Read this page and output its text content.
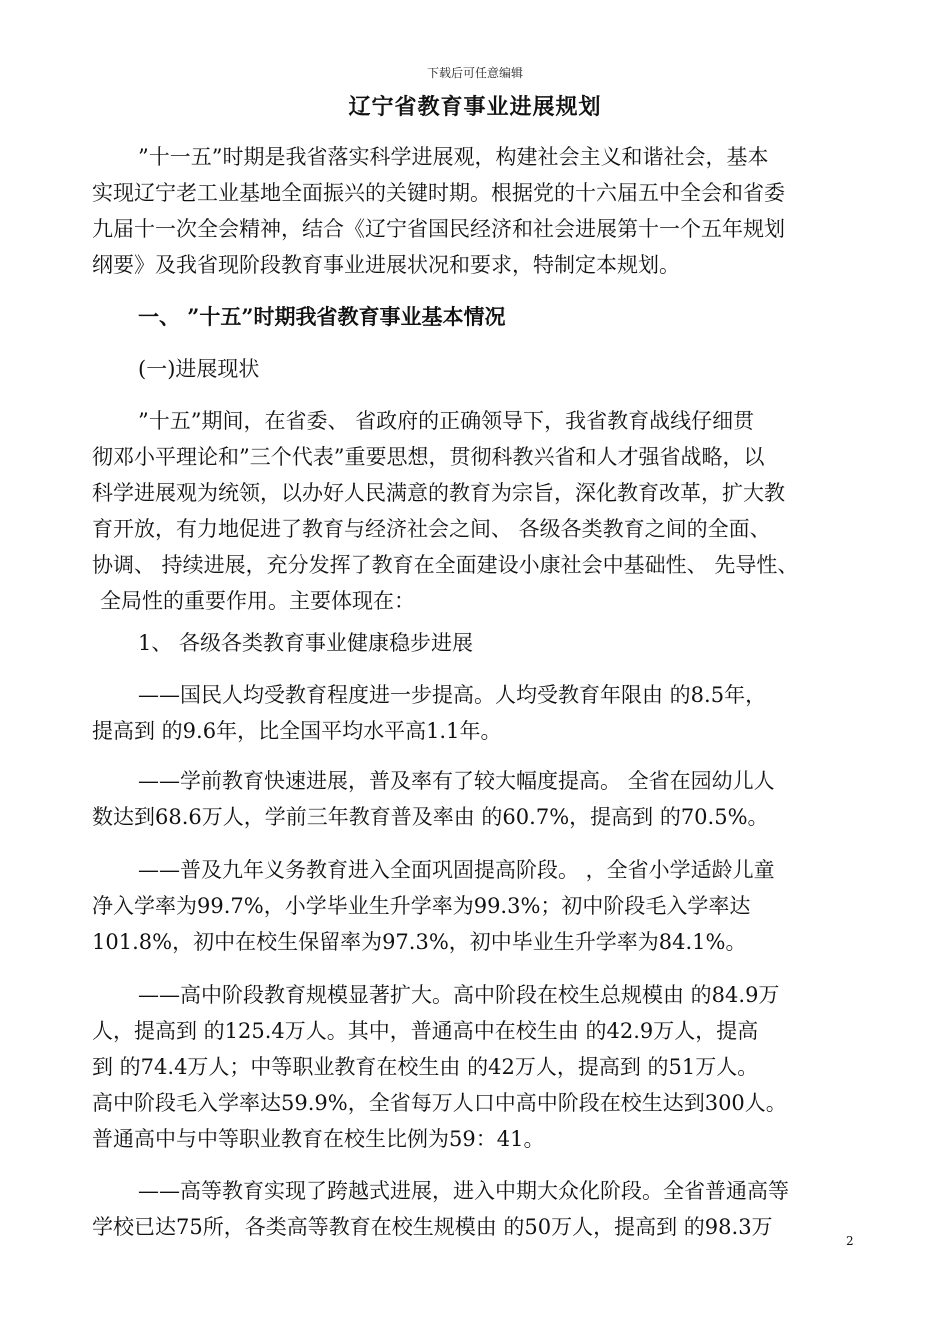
下载后可任意编辑
辽宁省教育事业进展规划
”十一五”时期是我省落实科学进展观，构建社会主义和谐社会，基本
实现辽宁老工业基地全面振兴的关键时期。根据党的十六届五中全会和省委
九届十一次全会精神，结合《辽宁省国民经济和社会进展第十一个五年规划
纲要》及我省现阶段教育事业进展状况和要求，特制定本规划。
一、 ”十五”时期我省教育事业基本情况
(一)进展现状
”十五”期间，在省委、 省政府的正确领导下，我省教育战线仔细贯
彻邓小平理论和”三个代表”重要思想，贯彻科教兴省和人才强省战略，以
科学进展观为统领，以办好人民满意的教育为宗旨，深化教育改革，扩大教
育开放，有力地促进了教育与经济社会之间、 各级各类教育之间的全面、
协调、 持续进展，充分发挥了教育在全面建设小康社会中基础性、 先导性、
全局性的重要作用。主要体现在：
1、 各级各类教育事业健康稳步进展
——国民人均受教育程度进一步提高。人均受教育年限由 的8.5年，
提高到 的9.6年，比全国平均水平高1.1年。
——学前教育快速进展，普及率有了较大幅度提高。 全省在园幼儿人
数达到68.6万人，学前三年教育普及率由 的60.7%，提高到 的70.5%。
——普及九年义务教育进入全面巩固提高阶段。 ，全省小学适龄儿童
净入学率为99.7%，小学毕业生升学率为99.3%；初中阶段毛入学率达
101.8%，初中在校生保留率为97.3%，初中毕业生升学率为84.1%。
——高中阶段教育规模显著扩大。高中阶段在校生总规模由 的84.9万
人，提高到 的125.4万人。其中，普通高中在校生由 的42.9万人，提高
到 的74.4万人；中等职业教育在校生由 的42万人，提高到 的51万人。
高中阶段毛入学率达59.9%，全省每万人口中高中阶段在校生达到300人。
普通高中与中等职业教育在校生比例为59：41。
——高等教育实现了跨越式进展，进入中期大众化阶段。全省普通高等
学校已达75所，各类高等教育在校生规模由 的50万人，提高到 的98.3万
2
